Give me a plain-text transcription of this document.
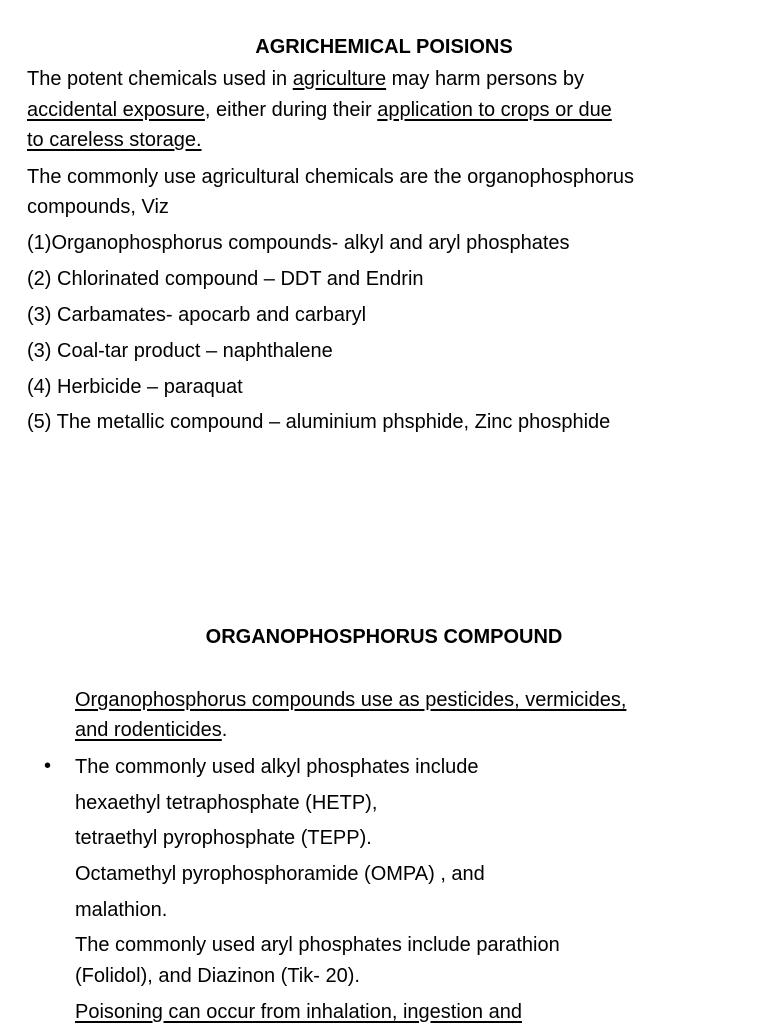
AGRICHEMICAL POISIONS
The potent chemicals used in agriculture may harm persons by
accidental exposure, either during their application to crops or due
to careless storage.
The commonly use agricultural chemicals are the organophosphorus
compounds, Viz
(1)Organophosphorus compounds- alkyl and aryl phosphates
(2) Chlorinated compound – DDT and Endrin
(3) Carbamates- apocarb and carbaryl
(3) Coal-tar product – naphthalene
(4) Herbicide – paraquat
(5) The metallic compound – aluminium phsphide, Zinc phosphide
ORGANOPHOSPHORUS COMPOUND
Organophosphorus compounds use as pesticides, vermicides,
and rodenticides.
• The commonly used alkyl phosphates include
hexaethyl tetraphosphate (HETP),
tetraethyl pyrophosphate (TEPP).
Octamethyl pyrophosphoramide (OMPA) , and
malathion.
The commonly used aryl phosphates include parathion
(Folidol), and Diazinon (Tik- 20).
Poisoning can occur from inhalation, ingestion and
